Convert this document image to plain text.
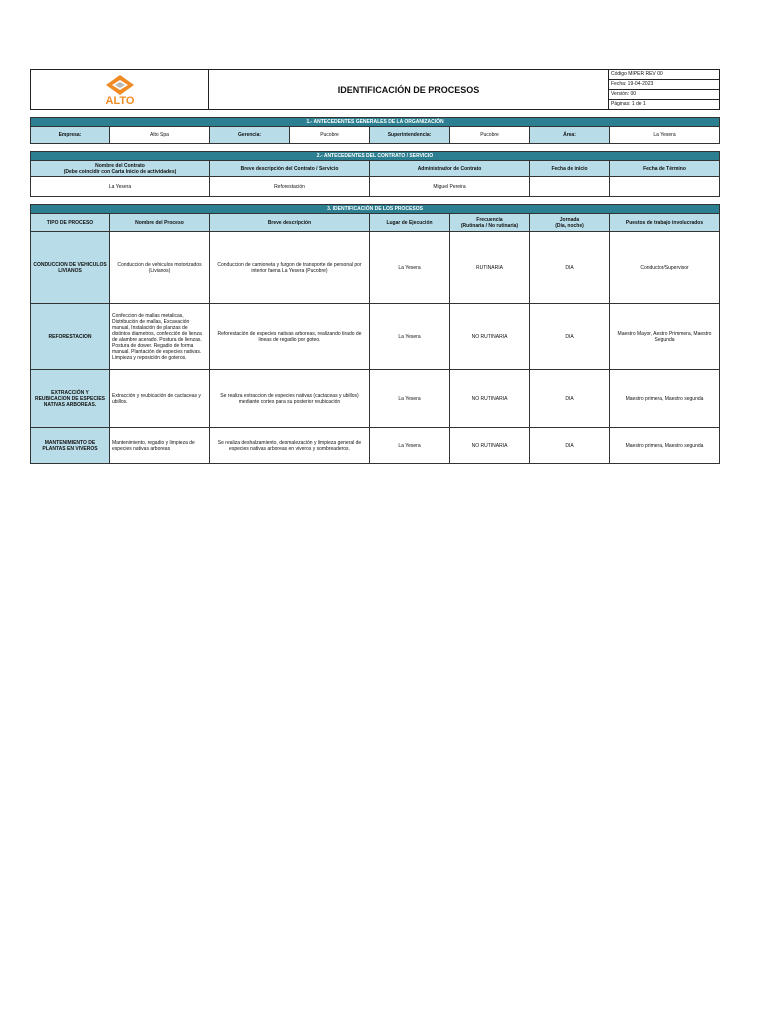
ALTO
	IDENTIFICACIÓN DE PROCESOS	Código MIPER REV 00
Fecha: 19-04-2023
Versión: 00
Páginas: 1 de 1
1.- ANTECEDENTES GENERALES DE LA ORGANIZACIÓN
Empresa:	Alto Spa	Gerencia:	Pucobre	Superintendencia:	Pucobre	Área:	La Yesera
2.- ANTECEDENTES DEL CONTRATO / SERVICIO				
Nombre del Contrato
(Debe coincidir con Carta Inicio de actividades)	Breve descripción del Contrato / Servicio	Administrador de Contrato	Fecha de inicio	Fecha de Término
La Yesera	Reforestación	Miguel Pereira		
3. IDENTIFICACIÓN DE LOS PROCESOS						
TIPO DE PROCESO	Nombre del Proceso	Breve descripción	Lugar de Ejecución	Frecuencia
(Rutinaria / No rutinaria)	Jornada
(Día, noche)	Puestos de trabajo involucrados
CONDUCCION DE VEHICULOS LIVIANOS	Conduccion de vehiculos motorizados (Livianos)	Conduccion de camioneta y furgon de transporte de personal por interior faena La Yesera (Pucobre)	La Yesera	RUTINARIA	DIA	Conductor/Supervisor
REFORESTACION	Confeccion de mallas metalicas, Distribución de mallas, Excavación manual, Instalación de planzas de distintos diametros, confección de lienza de alambre acerado. Postura de lienzas. Postura de dower. Regadio de forma manual. Plantación de especies nativas. Limpieza y reposición de goteros.	Reforestación de especies nativas arboreas, realizando tirado de lineas de regadio por goteo.	La Yesera	NO RUTINARIA	DIA	Maestro Mayor, Aestro Primmera, Maestro Segunda
EXTRACCIÓN Y REUBICACION DE ESPECIES NATIVAS ARBOREAS.	Extracción y reubicación de cactaceas y ubillos.	Se realiza extraccion de especies nativas (cactaceas y ubillos) mediante cortes para su posterior reubicación	La Yesera	NO RUTINARIA	DIA	Maestro primera, Maestro segunda
MANTENIMIENTO DE PLANTAS EN VIVEROS	Mantenimiento, regadio y limpieza de especies nativas arboreas	Se realiza deshalzamiento, desmalezación y limpieza general de especies nativas arboreas en viveros y sombreaderos.	La Yesera	NO RUTINARIA	DIA	Maestro primera, Maestro segunda
